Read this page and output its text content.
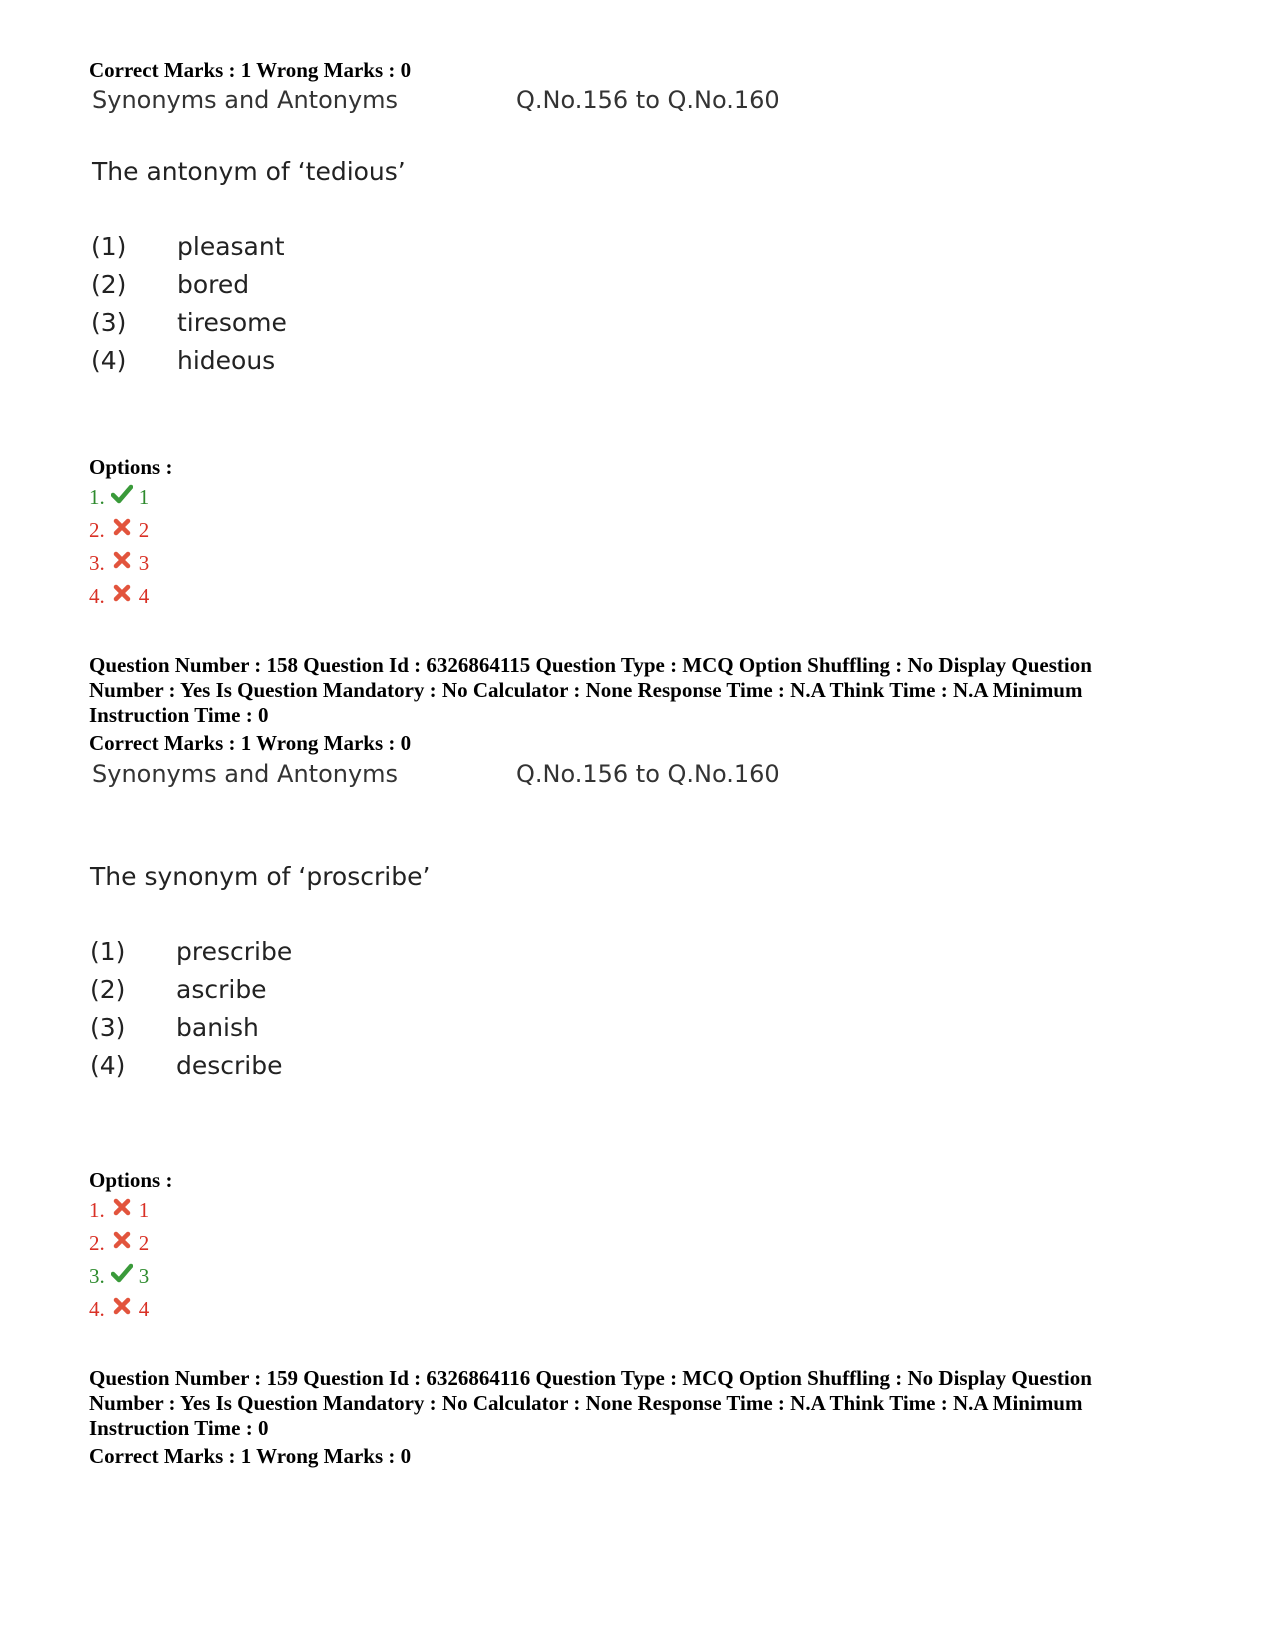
Correct Marks : 1 Wrong Marks : 0
Synonyms and Antonyms	Q.No.156 to Q.No.160
The antonym of ‘tedious’
(1)	pleasant
(2)	bored
(3)	tiresome
(4)	hideous
Options :
1. 1
2. 2
3. 3
4. 4
Question Number : 158 Question Id : 6326864115 Question Type : MCQ Option Shuffling : No Display Question
Number : Yes Is Question Mandatory : No Calculator : None Response Time : N.A Think Time : N.A Minimum
Instruction Time : 0
Correct Marks : 1 Wrong Marks : 0
Synonyms and Antonyms	Q.No.156 to Q.No.160
The synonym of ‘proscribe’
(1)	prescribe
(2)	ascribe
(3)	banish
(4)	describe
Options :
1. 1
2. 2
3. 3
4. 4
Question Number : 159 Question Id : 6326864116 Question Type : MCQ Option Shuffling : No Display Question
Number : Yes Is Question Mandatory : No Calculator : None Response Time : N.A Think Time : N.A Minimum
Instruction Time : 0
Correct Marks : 1 Wrong Marks : 0
